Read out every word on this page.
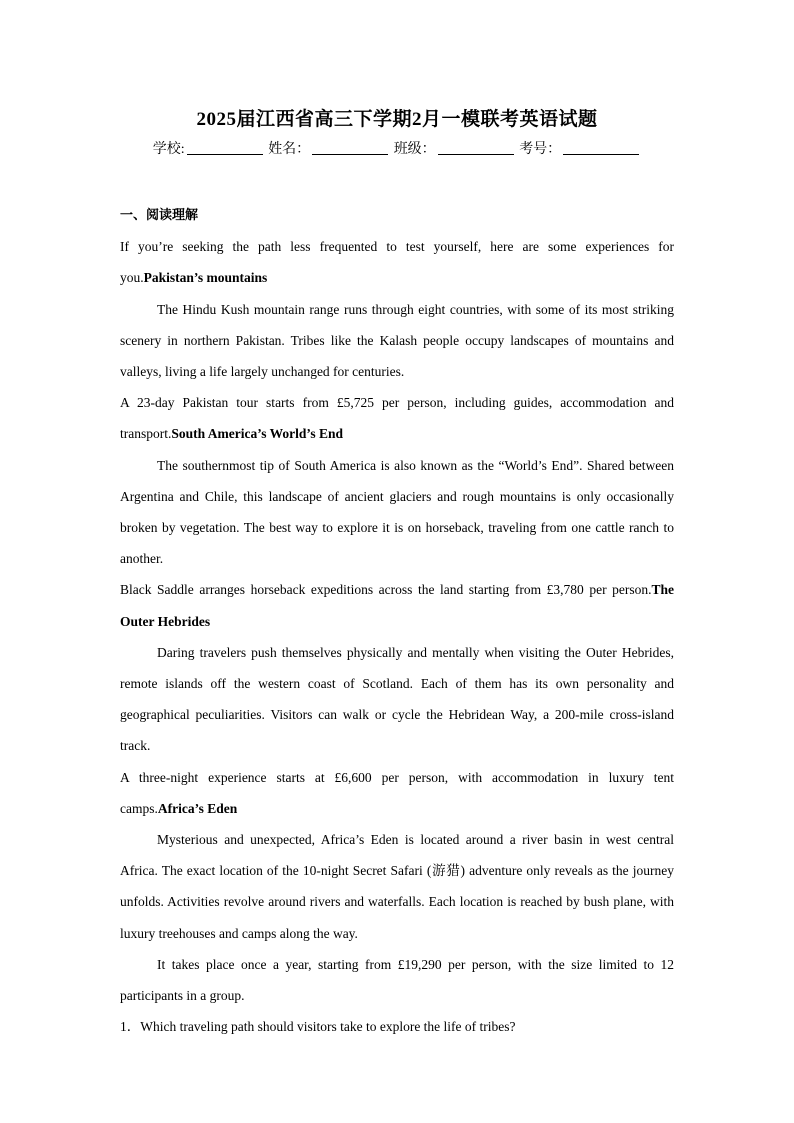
2025届江西省高三下学期2月一模联考英语试题
学校:	姓名：	班级：	考号：

一、阅读理解

If you’re seeking the path less frequented to test yourself, here are some experiences for you.Pakistan’s mountains

The Hindu Kush mountain range runs through eight countries, with some of its most striking scenery in northern Pakistan. Tribes like the Kalash people occupy landscapes of mountains and valleys, living a life largely unchanged for centuries.

A 23-day Pakistan tour starts from £5,725 per person, including guides, accommodation and transport.South America’s World’s End

The southernmost tip of South America is also known as the “World’s End”. Shared between Argentina and Chile, this landscape of ancient glaciers and rough mountains is only occasionally broken by vegetation. The best way to explore it is on horseback, traveling from one cattle ranch to another.

Black Saddle arranges horseback expeditions across the land starting from £3,780 per person.The Outer Hebrides

Daring travelers push themselves physically and mentally when visiting the Outer Hebrides, remote islands off the western coast of Scotland. Each of them has its own personality and geographical peculiarities. Visitors can walk or cycle the Hebridean Way, a 200-mile cross-island track.

A three-night experience starts at £6,600 per person, with accommodation in luxury tent camps.Africa’s Eden

Mysterious and unexpected, Africa’s Eden is located around a river basin in west central Africa. The exact location of the 10-night Secret Safari (游猎) adventure only reveals as the journey unfolds. Activities revolve around rivers and waterfalls. Each location is reached by bush plane, with luxury treehouses and camps along the way.

It takes place once a year, starting from £19,290 per person, with the size limited to 12 participants in a group.

1．Which traveling path should visitors take to explore the life of tribes?
